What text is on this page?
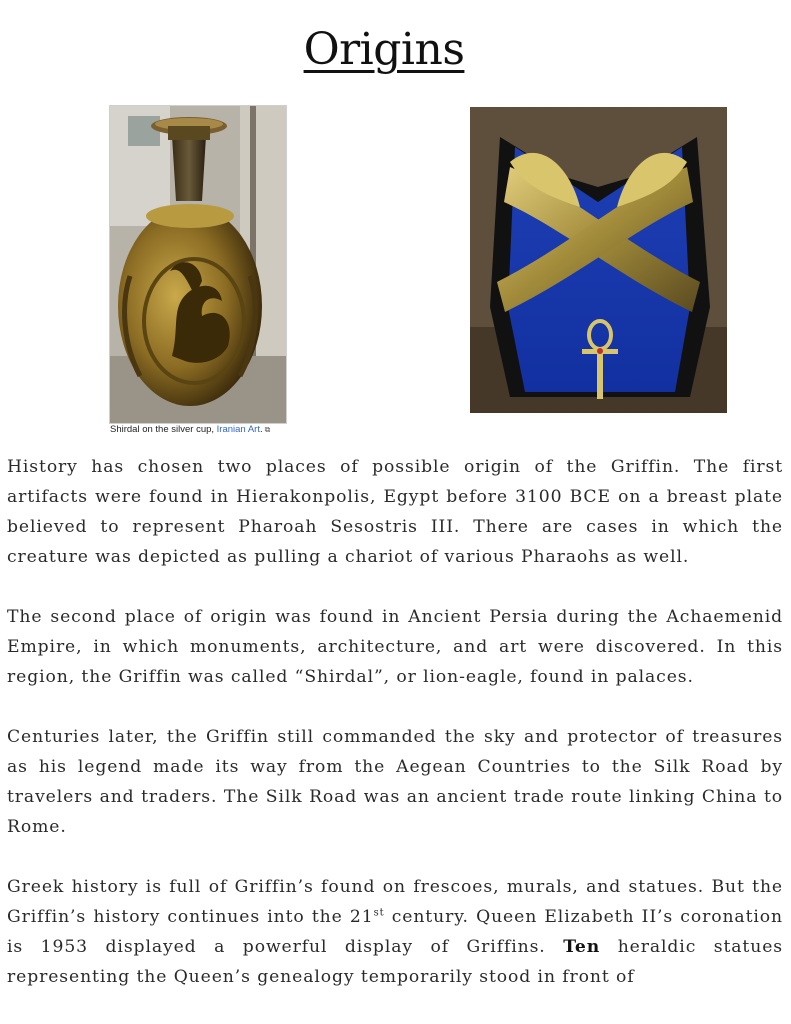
Origins
Shirdal on the silver cup, Iranian Art. ⧉

History has chosen two places of possible origin of the Griffin. The first artifacts were found in Hierakonpolis, Egypt before 3100 BCE on a breast plate believed to represent Pharoah Sesostris III. There are cases in which the creature was depicted as pulling a chariot of various Pharaohs as well.

The second place of origin was found in Ancient Persia during the Achaemenid Empire, in which monuments, architecture, and art were discovered. In this region, the Griffin was called “Shirdal”, or lion-eagle, found in palaces.

Centuries later, the Griffin still commanded the sky and protector of treasures as his legend made its way from the Aegean Countries to the Silk Road by travelers and traders. The Silk Road was an ancient trade route linking China to Rome.

Greek history is full of Griffin’s found on frescoes, murals, and statues. But the Griffin’s history continues into the 21st century. Queen Elizabeth II’s coronation is 1953 displayed a powerful display of Griffins. Ten heraldic statues representing the Queen’s genealogy temporarily stood in front of
